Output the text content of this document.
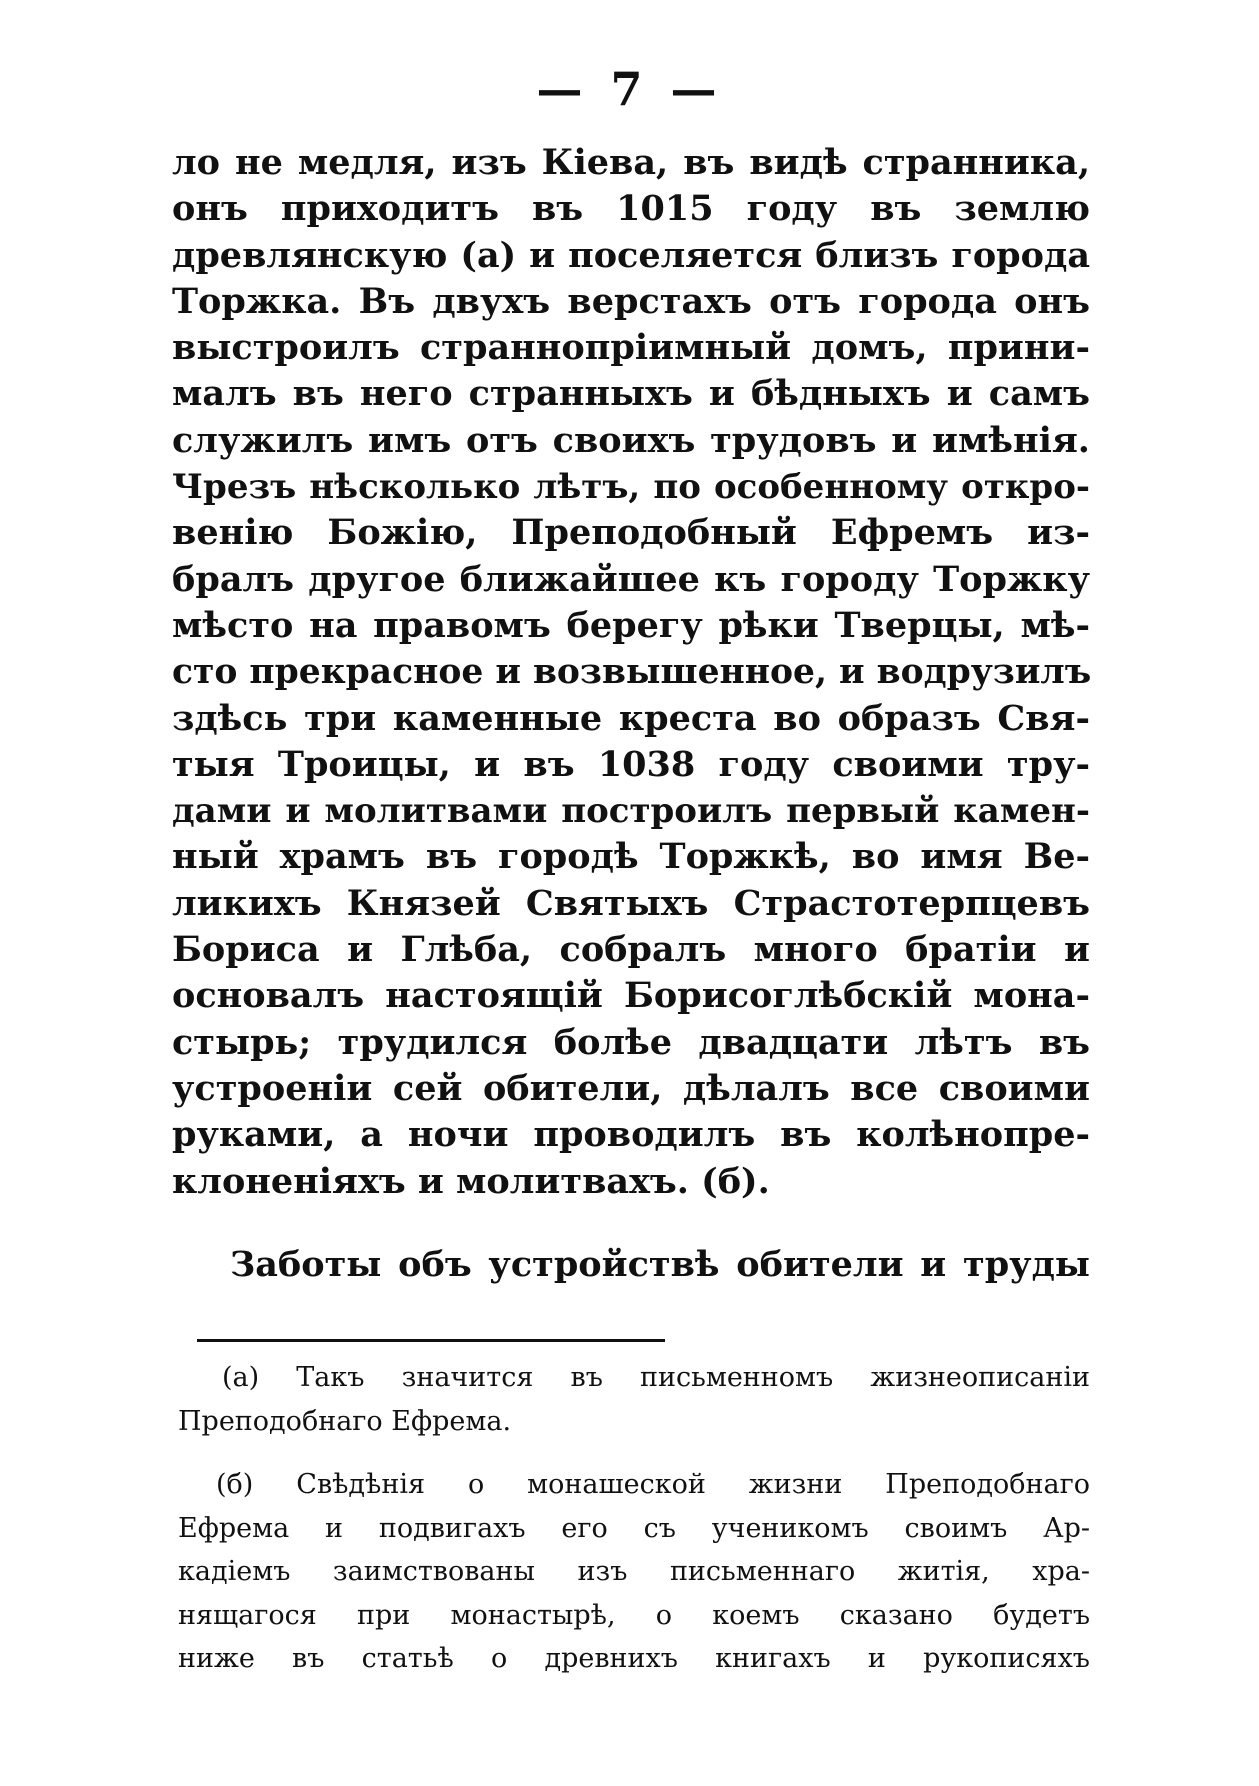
— 7 —
ло не медля, изъ Кiева, въ видѣ странника,
онъ приходитъ въ 1015 году въ землю
древлянскую (а) и поселяется близъ города
Торжка. Въ двухъ верстахъ отъ города онъ
выстроилъ страннопрiимный домъ, прини-
малъ въ него странныхъ и бѣдныхъ и самъ
служилъ имъ отъ своихъ трудовъ и имѣнiя.
Чрезъ нѣсколько лѣтъ, по особенному откро-
венiю Божiю, Преподобный Ефремъ из-
бралъ другое ближайшее къ городу Торжку
мѣсто на правомъ берегу рѣки Тверцы, мѣ-
сто прекрасное и возвышенное, и водрузилъ
здѣсь три каменные креста во образъ Свя-
тыя Троицы, и въ 1038 году своими тру-
дами и молитвами построилъ первый камен-
ный храмъ въ городѣ Торжкѣ, во имя Ве-
ликихъ Князей Святыхъ Страстотерпцевъ
Бориса и Глѣба, собралъ много братiи и
основалъ настоящiй Борисоглѣбскiй мона-
стырь; трудился болѣе двадцати лѣтъ въ
устроенiи сей обители, дѣлалъ все своими
руками, а ночи проводилъ въ колѣнопре-
клоненiяхъ и молитвахъ. (б).
Заботы объ устройствѣ обители и труды
(а) Такъ значится въ письменномъ жизнеописанiи
Преподобнаго Ефрема.
(б) Свѣдѣнiя о монашеской жизни Преподобнаго
Ефрема и подвигахъ его съ ученикомъ своимъ Ар-
кадiемъ заимствованы изъ письменнаго житiя, хра-
нящагося при монастырѣ, о коемъ сказано будетъ
ниже въ статьѣ о древнихъ книгахъ и рукописяхъ
